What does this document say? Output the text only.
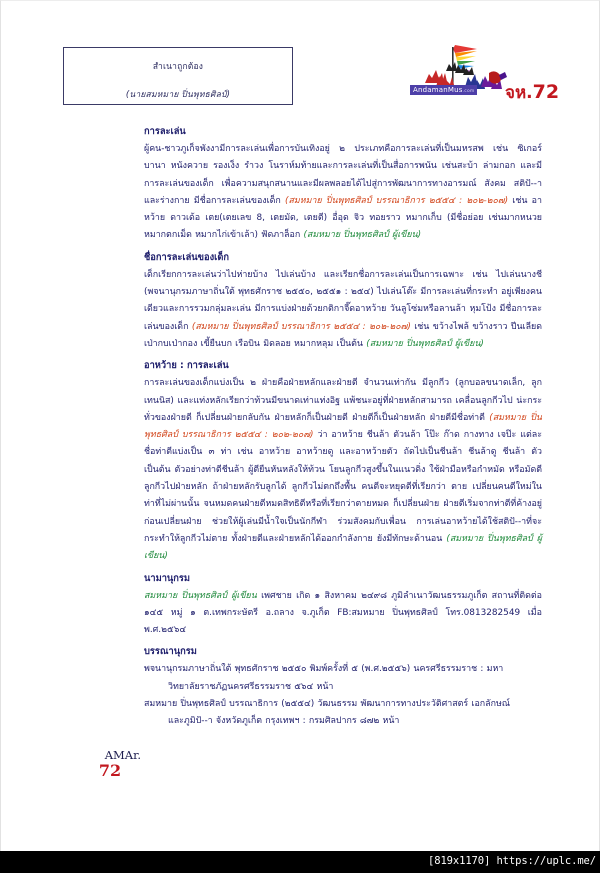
สำเนาถูกต้อง
(นายสมหมาย ปิ่นพุทธศิลป์)	AndamanMus.com จห.72
การละเล่น
ผู้คน-ชาวภูเก็จพังงามีการละเล่นเพื่อการบันเทิงอยู่ ๒ ประเภทคือการละเล่นที่เป็นมหรสพ เช่น ซิเกอร์ บานา หนังควาย รองเง็ง รำวง โนราห์มท้ายและการละเล่นที่เป็นสื่อการพนัน เช่นสะบ้า ล่ามกอก และมีการละเล่นของเด็ก เพื่อความสนุกสนานและมีผลพลอยได้ไปสู่การพัฒนาการทางอารมณ์ สังคม สติปั--า และร่างกาย มีชื่อการละเล่นของเด็ก (สมหมาย ปิ่นพุทธศิลป์ บรรณาธิการ ๒๕๕๔ : ๒๐๒-๒๐๗) เช่น อาหว้าย ดาวเด้อ เตย(เตยเลข 8, เตยมัด, เตยตี) อื่อุด จิว ทอยราว หมากเก็บ (มีชื่อย่อย เช่นมากหนวย หมากตกเม็ด หมากไก่เข้าเล้า) ฟัดภาล็อก (สมหมาย ปิ่นพุทธศิลป์ ผู้เขียน)
ชื่อการละเล่นของเด็ก
เด็กเรียกการละเล่นว่าไปห่ายบ้าง ไปเล่นบ้าง และเรียกชื่อการละเล่นเป็นการเฉพาะ เช่น ไปเล่นนางชี (พจนานุกรมภาษาถิ่นใต้ พุทธศักราช ๒๕๕๐, ๒๕๕๑ : ๒๕๔) ไปเล่นโต๊ะ มีการละเล่นที่กระทำ อยู่เพียงคนเดียวและการรวมกลุ่มละเล่น มีการแบ่งฝ่ายด้วยกติกาจี๊ดอาหว้าย วันลูโซ่มหรือลานล้า หุมโป้ง มีชื่อการละเล่นของเด็ก (สมหมาย ปิ่นพุทธศิลป์ บรรณาธิการ ๒๕๕๔ : ๒๐๒-๒๐๗) เช่น ขว้างไพล้ ขว้างราว ปีนเลียด เป่ากบเป่ากอง เขี้ยืนบก เรือบิน มิดลอย หมากหลุม เป็นต้น (สมหมาย ปิ่นพุทธศิลป์ ผู้เขียน)
อาหว้าย : การละเล่น
การละเล่นของเด็กแบ่งเป็น ๒ ฝ่ายคือฝ่ายหลักและฝ่ายตี จำนวนเท่ากัน มีลูกกีว (ลูกบอลขนาดเล็ก, ลูกเทนนิส) และแท่งหลักเรียกว่าท้วนมีขนาดเท่าแท่งอิฐ แพ้ชนะอยู่ที่ฝ่ายหลักสามารถ เคลื่อนลูกกีวไป น่ะกระทั่วของฝ่ายตี ก็เปลี่ยนฝ่ายกลับกัน ฝ่ายหลักก็เป็นฝ่ายตี ฝ่ายตีก็เป็นฝ่ายหลัก ฝ่ายตีมีชื่อท่าตี (สมหมาย ปิ่นพุทธศิลป์ บรรณาธิการ ๒๕๕๔ : ๒๐๒-๒๐๗) ว่า อาหว้าย ชีนล้า ตัวนล้า โป๊ะ ก๊าด กางทาง เจป๊ะ แต่ละชื่อท่าตีแบ่งเป็น ๓ ท่า เช่น อาหว้าย อาหว้ายดู และอาหว้ายตัว ถัดไปเป็นชีนล้า ชีนล้าดู ชีนล้า ตัว เป็นต้น ตัวอย่างท่าตีชีนล้า ผู้ตียืนหันหลังให้ท้วน โยนลูกกีวสูงขึ้นในแนวดิ่ง ใช้ฝ่ามือหรือกำหมัด หรือมัดตีลูกกีวไปฝ่ายหลัก ถ้าฝ่ายหลักรับลูกได้ ลูกกีวไม่ตกถึงพื้น คนตีจะหยุดตีที่เรียกว่า ตาย เปลี่ยนคนตีใหม่ในท่าที่ไม่ผ่านนั้น จนหมดคนฝ่ายตีหมดสิทธิตีหรือที่เรียกว่าตายหมด ก็เปลี่ยนฝ่าย ฝ่ายตีเริ่มจากท่าตีที่ค้างอยู่ก่อนเปลี่ยนฝ่าย ช่วยให้ผู้เล่นมีน้ำใจเป็นนักกีฬา ร่วมสังคมกับเพื่อน การเล่นอาหว้ายได้ใช้สติปั--าที่จะกระทำให้ลูกกีวไม่ตาย ทั้งฝ่ายตีและฝ่ายหลักได้ออกกำลังกาย ยังมีทักษะด้านอน (สมหมาย ปิ่นพุทธศิลป์ ผู้เขียน)
นามานุกรม
สมหมาย ปิ่นพุทธศิลป์ ผู้เขียน เพศชาย เกิด ๑ สิงหาคม ๒๔๙๘ ภูมิลำเนาวัฒนธรรมภูเก็ต สถานที่ติดต่อ ๑๔๕ หมู่ ๑ ต.เทพกระษัตรี อ.ถลาง จ.ภูเก็ต FB:สมหมาย ปิ่นพุทธศิลป์ โทร.0813282549 เมื่อ พ.ศ.๒๕๖๔
บรรณานุกรม
พจนานุกรมภาษาถิ่นใต้ พุทธศักราช ๒๕๕๐ พิมพ์ครั้งที่ ๕ (พ.ศ.๒๕๕๖) นครศรีธรรมราช : มหา
วิทยาลัยราชภัฏนครศรีธรรมราช ๕๖๔ หน้า
สมหมาย ปิ่นพุทธศิลป์ บรรณาธิการ (๒๕๕๔) วัฒนธรรม พัฒนาการทางประวัติศาสตร์ เอกลักษณ์
และภูมิปั--า จังหวัดภูเก็ต กรุงเทพฯ : กรมศิลปากร ๘๗๒ หน้า
AMAr.
72
[819x1170] https://uplc.me/
